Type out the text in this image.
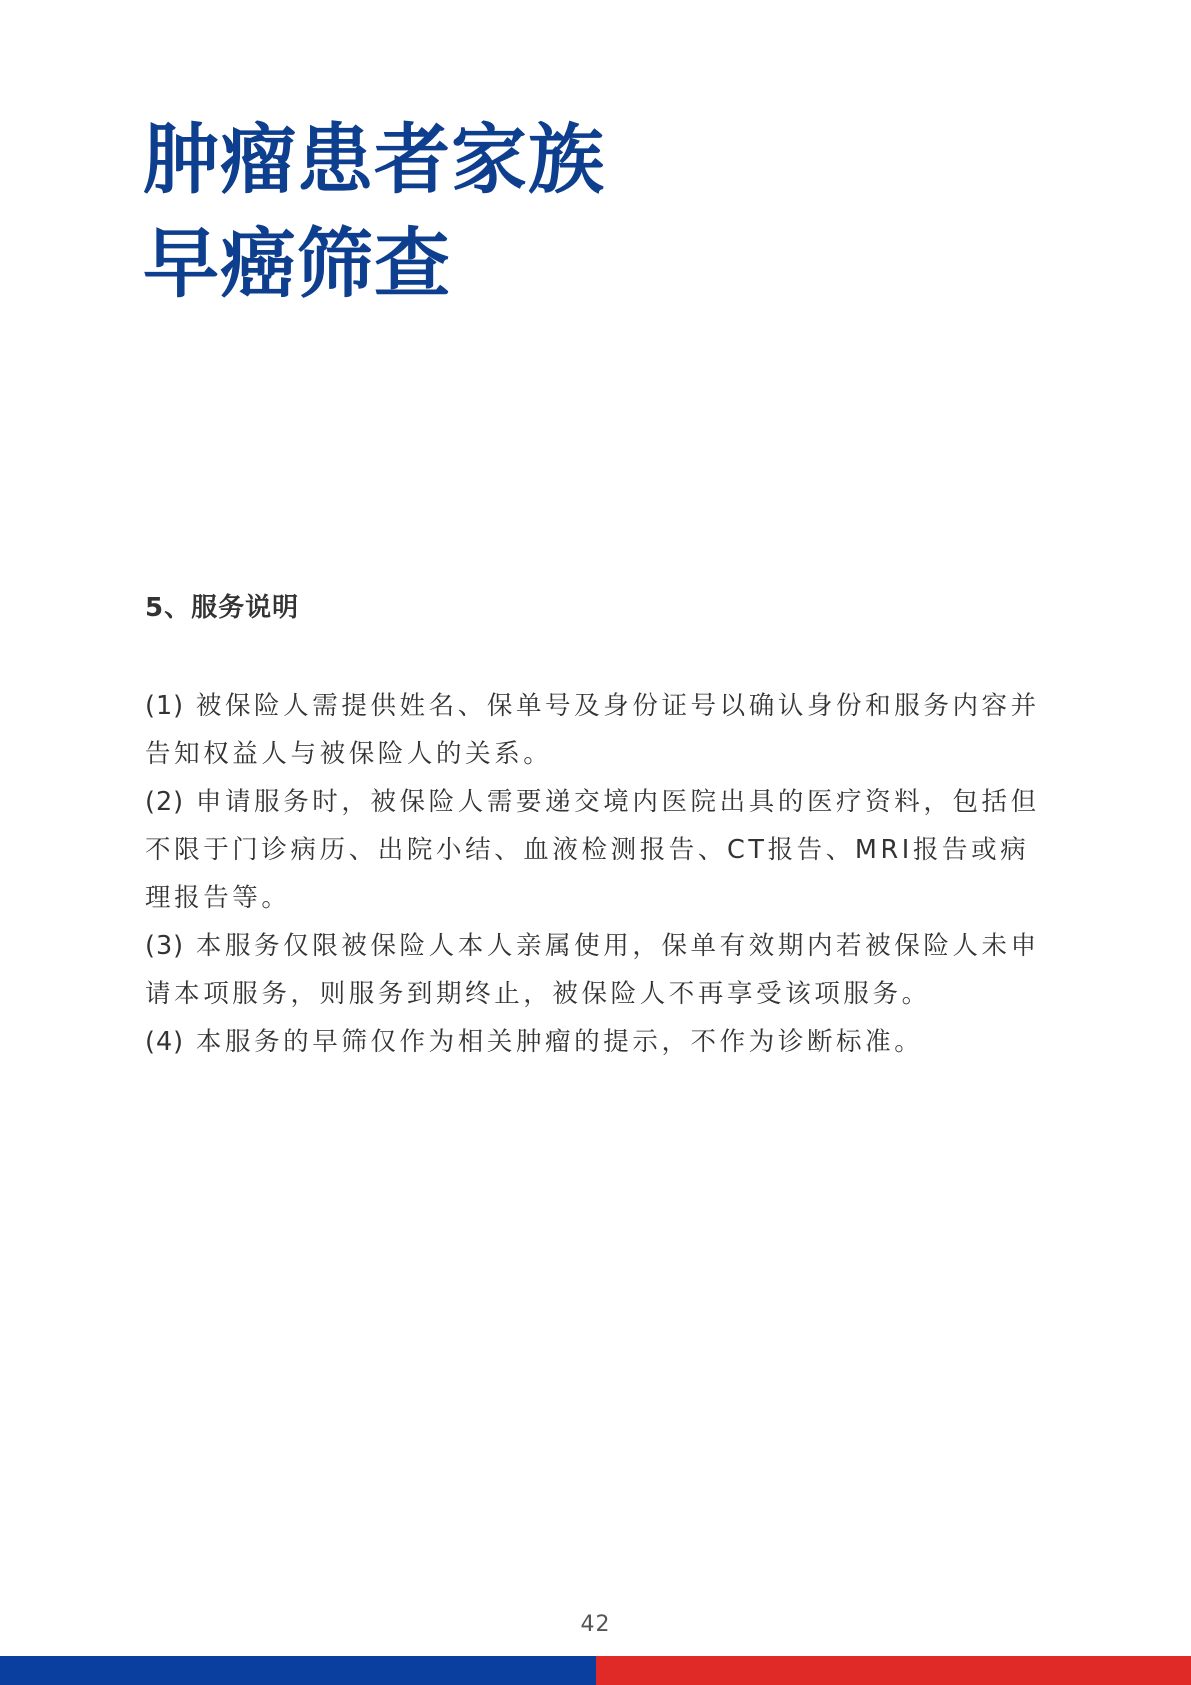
肿瘤患者家族
早癌筛查
5、服务说明

(1) 被保险人需提供姓名、保单号及身份证号以确认身份和服务内容并告知权益人与被保险人的关系。

(2) 申请服务时，被保险人需要递交境内医院出具的医疗资料，包括但不限于门诊病历、出院小结、血液检测报告、CT报告、MRI报告或病理报告等。

(3) 本服务仅限被保险人本人亲属使用，保单有效期内若被保险人未申请本项服务，则服务到期终止，被保险人不再享受该项服务。

(4) 本服务的早筛仅作为相关肿瘤的提示，不作为诊断标准。

42
